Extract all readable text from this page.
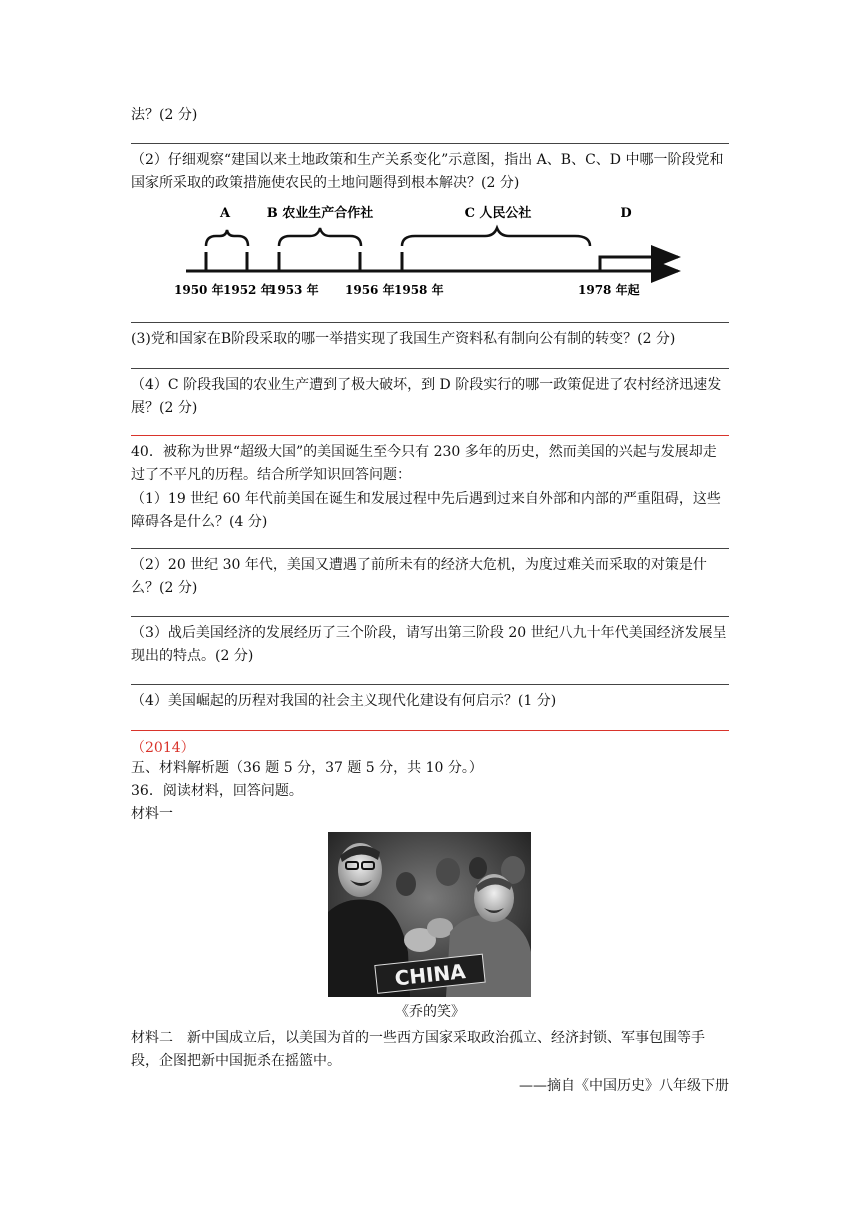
法？(2 分)
（2）仔细观察“建国以来土地政策和生产关系变化”示意图，指出 A、B、C、D 中哪一阶段党和国家所采取的政策措施使农民的土地问题得到根本解决？(2 分)
A	B 农业生产合作社	C 人民公社	D
1950 年 1952 年
1953 年 1956 年 1958 年	1978 年起
(3)党和国家在B阶段采取的哪一举措实现了我国生产资料私有制向公有制的转变？(2 分)
（4）C 阶段我国的农业生产遭到了极大破坏，到 D 阶段实行的哪一政策促进了农村经济迅速发展？(2 分)
40．被称为世界“超级大国”的美国诞生至今只有 230 多年的历史，然而美国的兴起与发展却走过了不平凡的历程。结合所学知识回答问题：
（1）19 世纪 60 年代前美国在诞生和发展过程中先后遇到过来自外部和内部的严重阻碍，这些障碍各是什么？(4 分)
（2）20 世纪 30 年代，美国又遭遇了前所未有的经济大危机，为度过难关而采取的对策是什么？(2 分)
（3）战后美国经济的发展经历了三个阶段，请写出第三阶段 20 世纪八九十年代美国经济发展呈现出的特点。(2 分)
（4）美国崛起的历程对我国的社会主义现代化建设有何启示？(1 分)
（2014）
五、材料解析题（36 题 5 分，37 题 5 分，共 10 分。）
36．阅读材料，回答问题。
材料一
CHINA
《乔的笑》
材料二　新中国成立后，以美国为首的一些西方国家采取政治孤立、经济封锁、军事包围等手段，企图把新中国扼杀在摇篮中。
——摘自《中国历史》八年级下册
